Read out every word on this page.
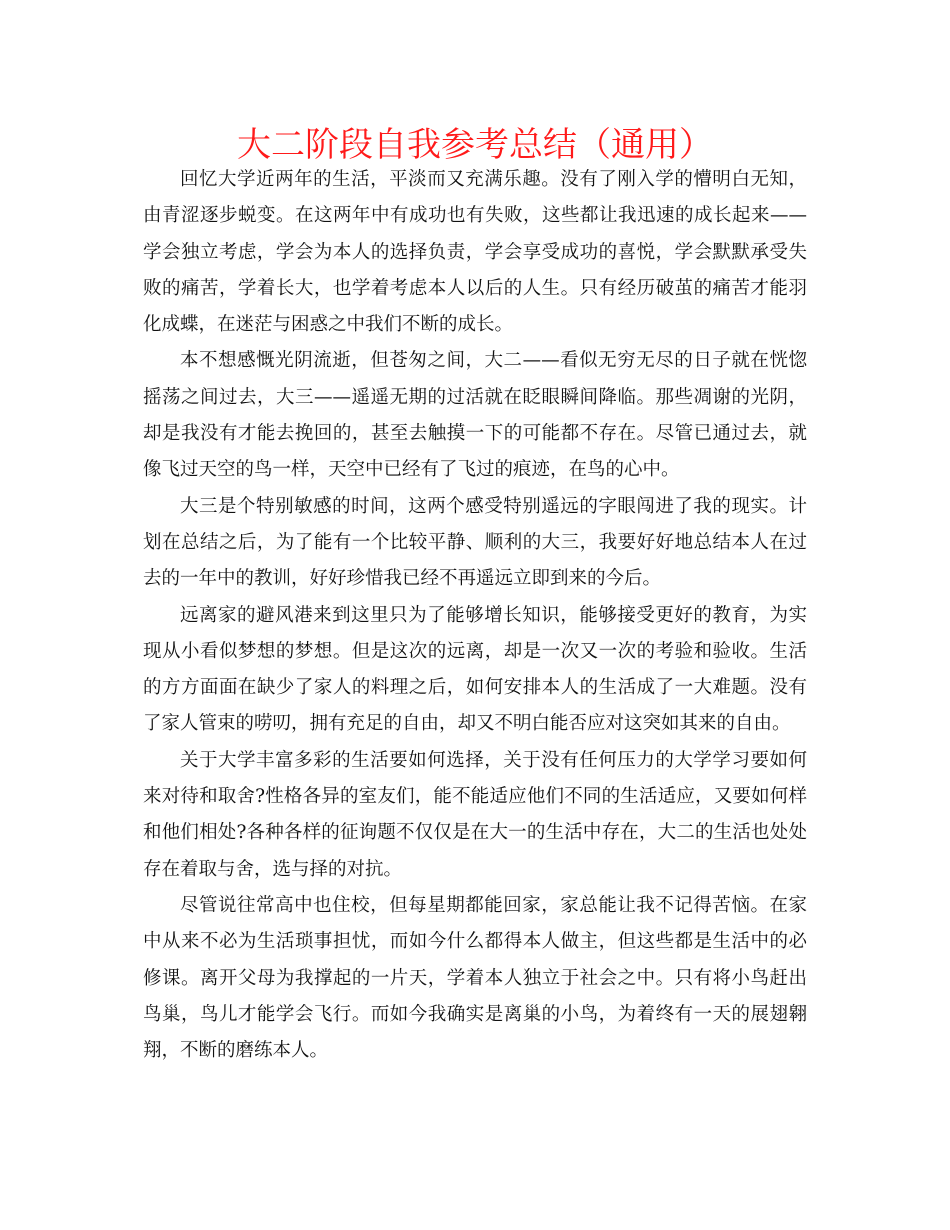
大二阶段自我参考总结（通用）

回忆大学近两年的生活，平淡而又充满乐趣。没有了刚入学的懵明白无知，由青涩逐步蜕变。在这两年中有成功也有失败，这些都让我迅速的成长起来——学会独立考虑，学会为本人的选择负责，学会享受成功的喜悦，学会默默承受失败的痛苦，学着长大，也学着考虑本人以后的人生。只有经历破茧的痛苦才能羽化成蝶，在迷茫与困惑之中我们不断的成长。

本不想感慨光阴流逝，但苍匆之间，大二——看似无穷无尽的日子就在恍惚摇荡之间过去，大三——遥遥无期的过活就在眨眼瞬间降临。那些凋谢的光阴，却是我没有才能去挽回的，甚至去触摸一下的可能都不存在。尽管已通过去，就像飞过天空的鸟一样，天空中已经有了飞过的痕迹，在鸟的心中。

大三是个特别敏感的时间，这两个感受特别遥远的字眼闯进了我的现实。计划在总结之后，为了能有一个比较平静、顺利的大三，我要好好地总结本人在过去的一年中的教训，好好珍惜我已经不再遥远立即到来的今后。

远离家的避风港来到这里只为了能够增长知识，能够接受更好的教育，为实现从小看似梦想的梦想。但是这次的远离，却是一次又一次的考验和验收。生活的方方面面在缺少了家人的料理之后，如何安排本人的生活成了一大难题。没有了家人管束的唠叨，拥有充足的自由，却又不明白能否应对这突如其来的自由。

关于大学丰富多彩的生活要如何选择，关于没有任何压力的大学学习要如何来对待和取舍?性格各异的室友们，能不能适应他们不同的生活适应，又要如何样和他们相处?各种各样的征询题不仅仅是在大一的生活中存在，大二的生活也处处存在着取与舍，选与择的对抗。

尽管说往常高中也住校，但每星期都能回家，家总能让我不记得苦恼。在家中从来不必为生活琐事担忧，而如今什么都得本人做主，但这些都是生活中的必修课。离开父母为我撑起的一片天，学着本人独立于社会之中。只有将小鸟赶出鸟巢，鸟儿才能学会飞行。而如今我确实是离巢的小鸟，为着终有一天的展翅翱翔，不断的磨练本人。
